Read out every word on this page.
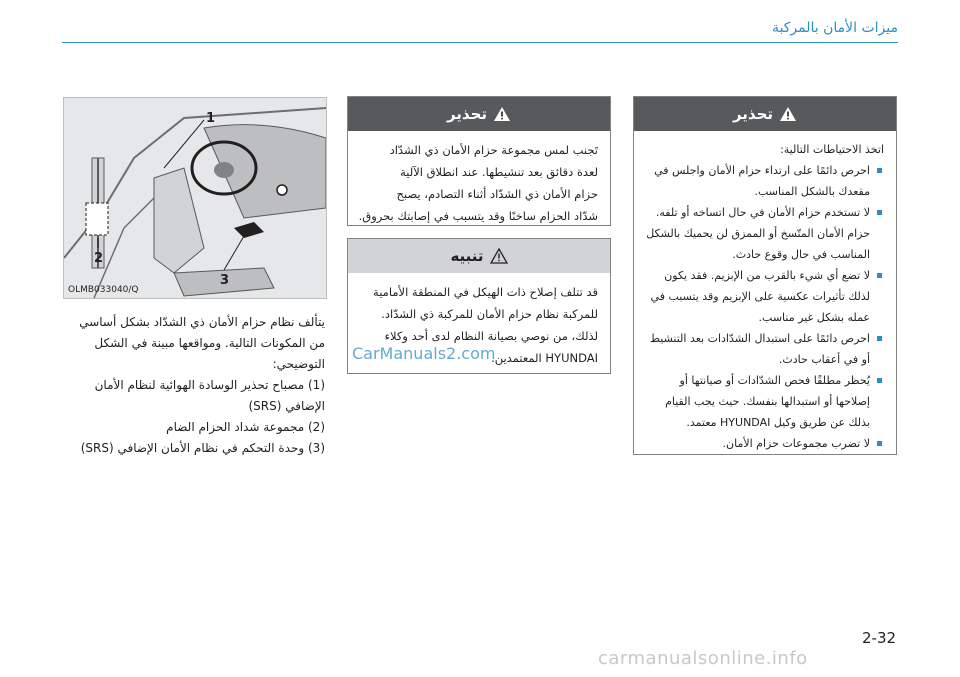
ميزات الأمان بالمركبة
1
2
3
OLMB033040/Q

يتألف نظام حزام الأمان ذي الشدّاد بشكل أساسي من المكونات التالية. ومواقعها مبينة في الشكل التوضيحي:

(1) مصباح تحذير الوسادة الهوائية لنظام الأمان الإضافي (SRS)

(2) مجموعة شداد الحزام الضام

(3) وحدة التحكم في نظام الأمان الإضافي (SRS)

تحذير

تَجنب لمس مجموعة حزام الأمان ذي الشدّاد

لعدة دقائق بعد تنشيطها. عند انطلاق الآلية

حزام الأمان ذي الشدّاد أثناء التصادم، يصبح

شدّاد الحزام ساخنًا وقد يتسبب في إصابتك بحروق.

تنبيه

قد تتلف إصلاح ذات الهيكل في المنطقة الأمامية

للمركبة نظام حزام الأمان للمركبة ذي الشدّاد.

لذلك، من نوصي بصيانة النظام لدى أحد وكلاء

HYUNDAI المعتمدين.

CarManuals2.com
تحذير

اتخذ الاحتياطات التالية:

احرص دائمًا على ارتداء حزام الأمان واجلس في مقعدك بالشكل المناسب.
لا تستخدم حزام الأمان في حال اتساخه أو تلفه. حزام الأمان المتّسخ أو الممزق لن يحميك بالشكل المناسب في حال وقوع حادث.
لا تضع أي شيء بالقرب من الإبزيم. فقد يكون لذلك تأثيرات عكسية على الإبزيم وقد يتسبب في عمله بشكل غير مناسب.
احرص دائمًا على استبدال الشدّادات بعد التنشيط أو في أعقاب حادث.
يُحظر مطلقًا فحص الشدّادات أو صيانتها أو إصلاحها أو استبدالها بنفسك. حيث يجب القيام بذلك عن طريق وكيل HYUNDAI معتمد.
لا تضرب مجموعات حزام الأمان.
2-32
carmanualsonline.info
